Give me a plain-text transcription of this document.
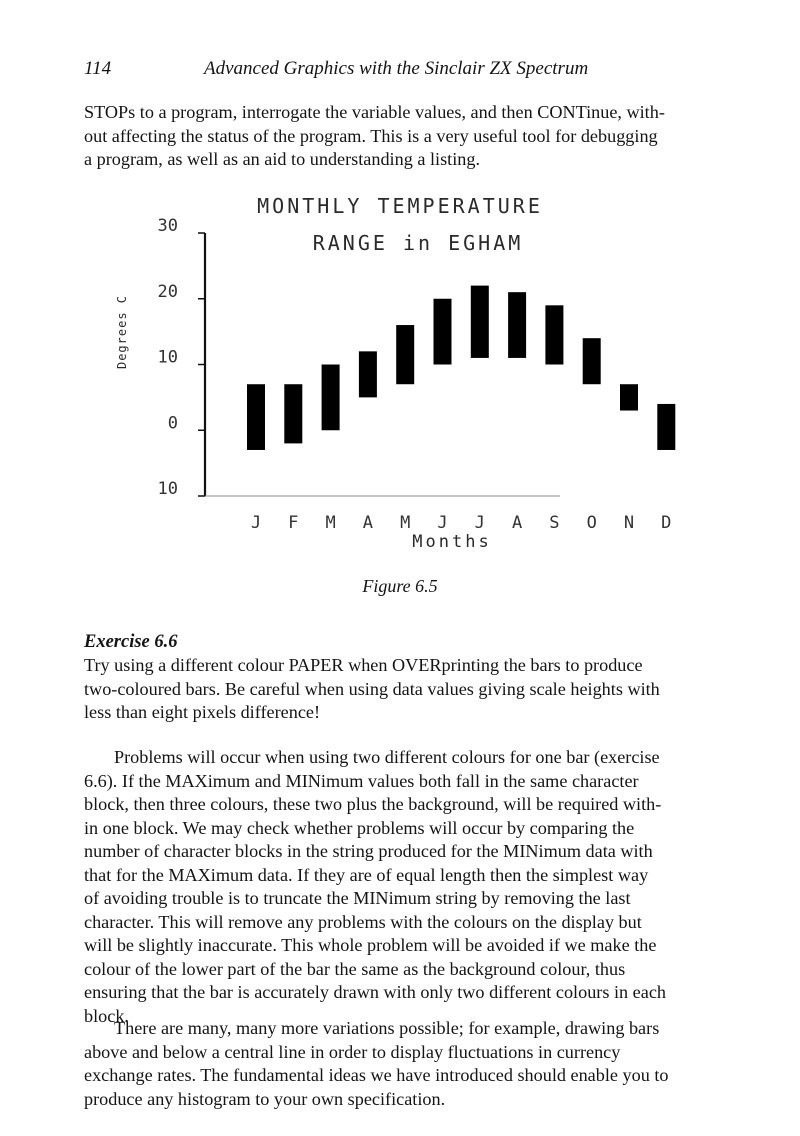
114	Advanced Graphics with the Sinclair ZX Spectrum
STOPs to a program, interrogate the variable values, and then CONTinue, with-
out affecting the status of the program. This is a very useful tool for debugging
a program, as well as an aid to understanding a listing.
MONTHLY TEMPERATURE
RANGE in EGHAM
Months
Degrees C
30
20
10
0
10
J F M A M J J A S O N D
Figure 6.5
Exercise 6.6
Try using a different colour PAPER when OVERprinting the bars to produce
two-coloured bars. Be careful when using data values giving scale heights with
less than eight pixels difference!
Problems will occur when using two different colours for one bar (exercise
6.6). If the MAXimum and MINimum values both fall in the same character
block, then three colours, these two plus the background, will be required with-
in one block. We may check whether problems will occur by comparing the
number of character blocks in the string produced for the MINimum data with
that for the MAXimum data. If they are of equal length then the simplest way
of avoiding trouble is to truncate the MINimum string by removing the last
character. This will remove any problems with the colours on the display but
will be slightly inaccurate. This whole problem will be avoided if we make the
colour of the lower part of the bar the same as the background colour, thus
ensuring that the bar is accurately drawn with only two different colours in each
block.
There are many, many more variations possible; for example, drawing bars
above and below a central line in order to display fluctuations in currency
exchange rates. The fundamental ideas we have introduced should enable you to
produce any histogram to your own specification.
